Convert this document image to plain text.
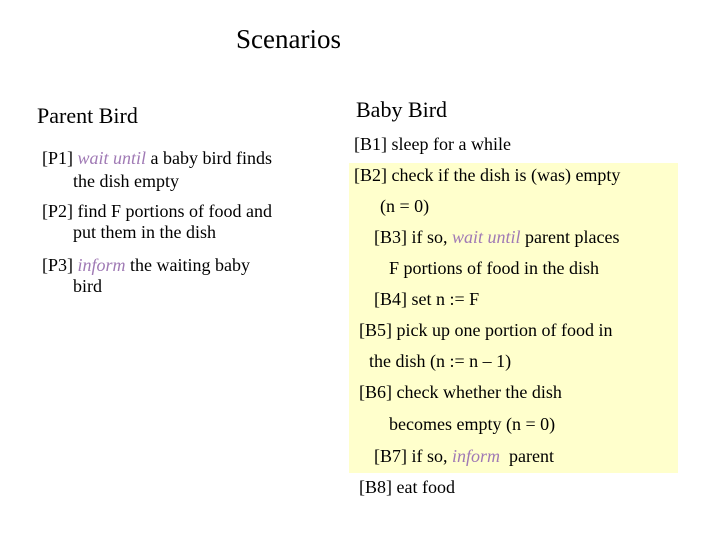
Scenarios
Parent Bird
[P1] wait until a baby bird finds
the dish empty
[P2] find F portions of food and
put them in the dish
[P3] inform the waiting baby
bird
Baby Bird
[B1] sleep for a while
[B2] check if the dish is (was) empty
(n = 0)
[B3] if so, wait until parent places
F portions of food in the dish
[B4] set n := F
[B5] pick up one portion of food in
the dish (n := n – 1)
[B6] check whether the dish
becomes empty (n = 0)
[B7] if so, inform  parent
[B8] eat food
